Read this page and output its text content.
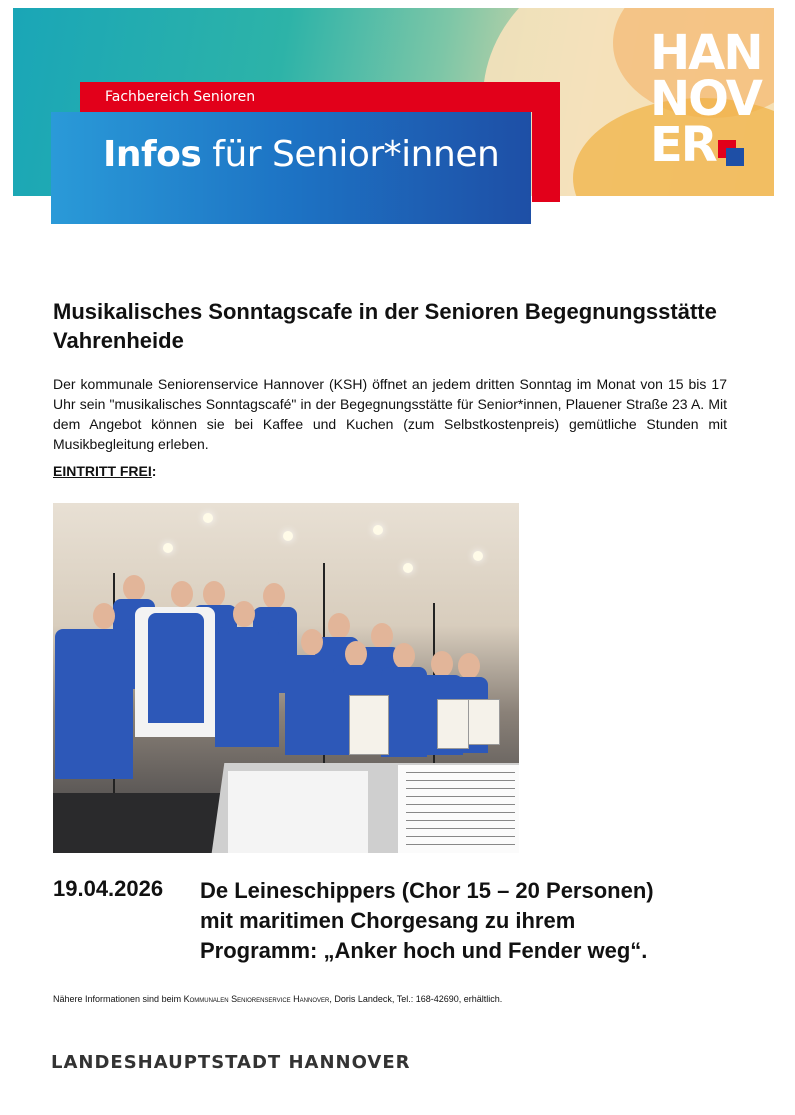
HAN
NOV
ER
Fachbereich Senioren
Infos für Senior*innen
Musikalisches Sonntagscafe in der Senioren Begegnungsstätte Vahrenheide
Der kommunale Seniorenservice Hannover (KSH) öffnet an jedem dritten Sonntag im Monat von 15 bis 17 Uhr sein "musikalisches Sonntagscafé" in der Begegnungsstätte für Senior*innen, Plauener Straße 23 A. Mit dem Angebot können sie bei Kaffee und Kuchen (zum Selbstkostenpreis) gemütliche Stunden mit Musikbegleitung erleben.
EINTRITT FREI:
19.04.2026 De Leineschippers (Chor 15 – 20 Personen)
mit maritimen Chorgesang zu ihrem
Programm: „Anker hoch und Fender weg“.
Nähere Informationen sind beim Kommunalen Seniorenservice Hannover, Doris Landeck, Tel.: 168-42690, erhältlich.
LANDESHAUPTSTADT HANNOVER
